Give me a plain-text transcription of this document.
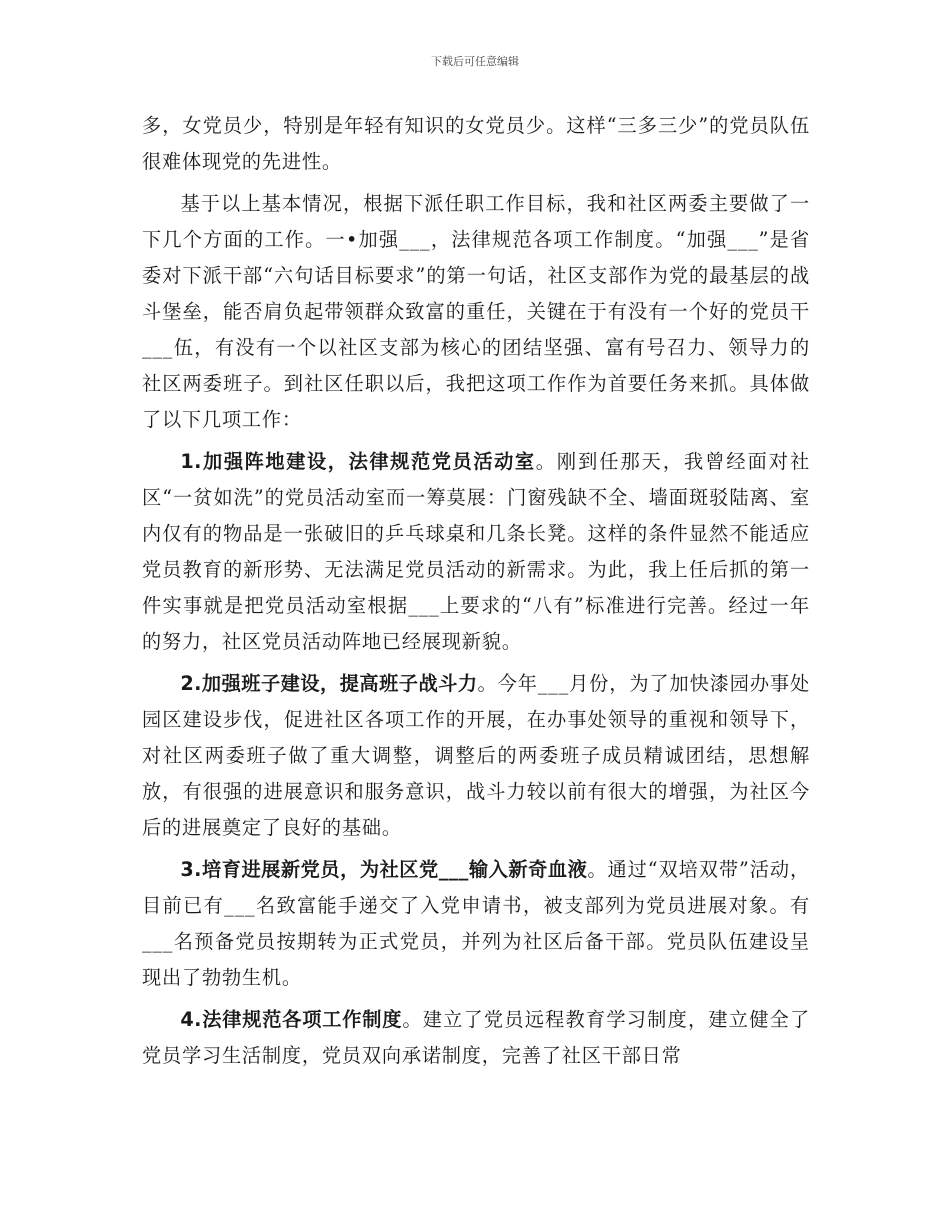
下载后可任意编辑

多，女党员少，特别是年轻有知识的女党员少。这样“三多三少”的党员队伍很难体现党的先进性。

基于以上基本情况，根据下派任职工作目标，我和社区两委主要做了一下几个方面的工作。一•加强___，法律规范各项工作制度。“加强___”是省委对下派干部“六句话目标要求”的第一句话，社区支部作为党的最基层的战斗堡垒，能否肩负起带领群众致富的重任，关键在于有没有一个好的党员干___伍，有没有一个以社区支部为核心的团结坚强、富有号召力、领导力的社区两委班子。到社区任职以后，我把这项工作作为首要任务来抓。具体做了以下几项工作：

1.加强阵地建设，法律规范党员活动室。刚到任那天，我曾经面对社区“一贫如洗”的党员活动室而一筹莫展：门窗残缺不全、墙面斑驳陆离、室内仅有的物品是一张破旧的乒乓球桌和几条长凳。这样的条件显然不能适应党员教育的新形势、无法满足党员活动的新需求。为此，我上任后抓的第一件实事就是把党员活动室根据___上要求的“八有”标准进行完善。经过一年的努力，社区党员活动阵地已经展现新貌。

2.加强班子建设，提高班子战斗力。今年___月份，为了加快漆园办事处园区建设步伐，促进社区各项工作的开展，在办事处领导的重视和领导下，对社区两委班子做了重大调整，调整后的两委班子成员精诚团结，思想解放，有很强的进展意识和服务意识，战斗力较以前有很大的增强，为社区今后的进展奠定了良好的基础。

3.培育进展新党员，为社区党___输入新奇血液。通过“双培双带”活动，目前已有___名致富能手递交了入党申请书，被支部列为党员进展对象。有___名预备党员按期转为正式党员，并列为社区后备干部。党员队伍建设呈现出了勃勃生机。

4.法律规范各项工作制度。建立了党员远程教育学习制度，建立健全了党员学习生活制度，党员双向承诺制度，完善了社区干部日常
